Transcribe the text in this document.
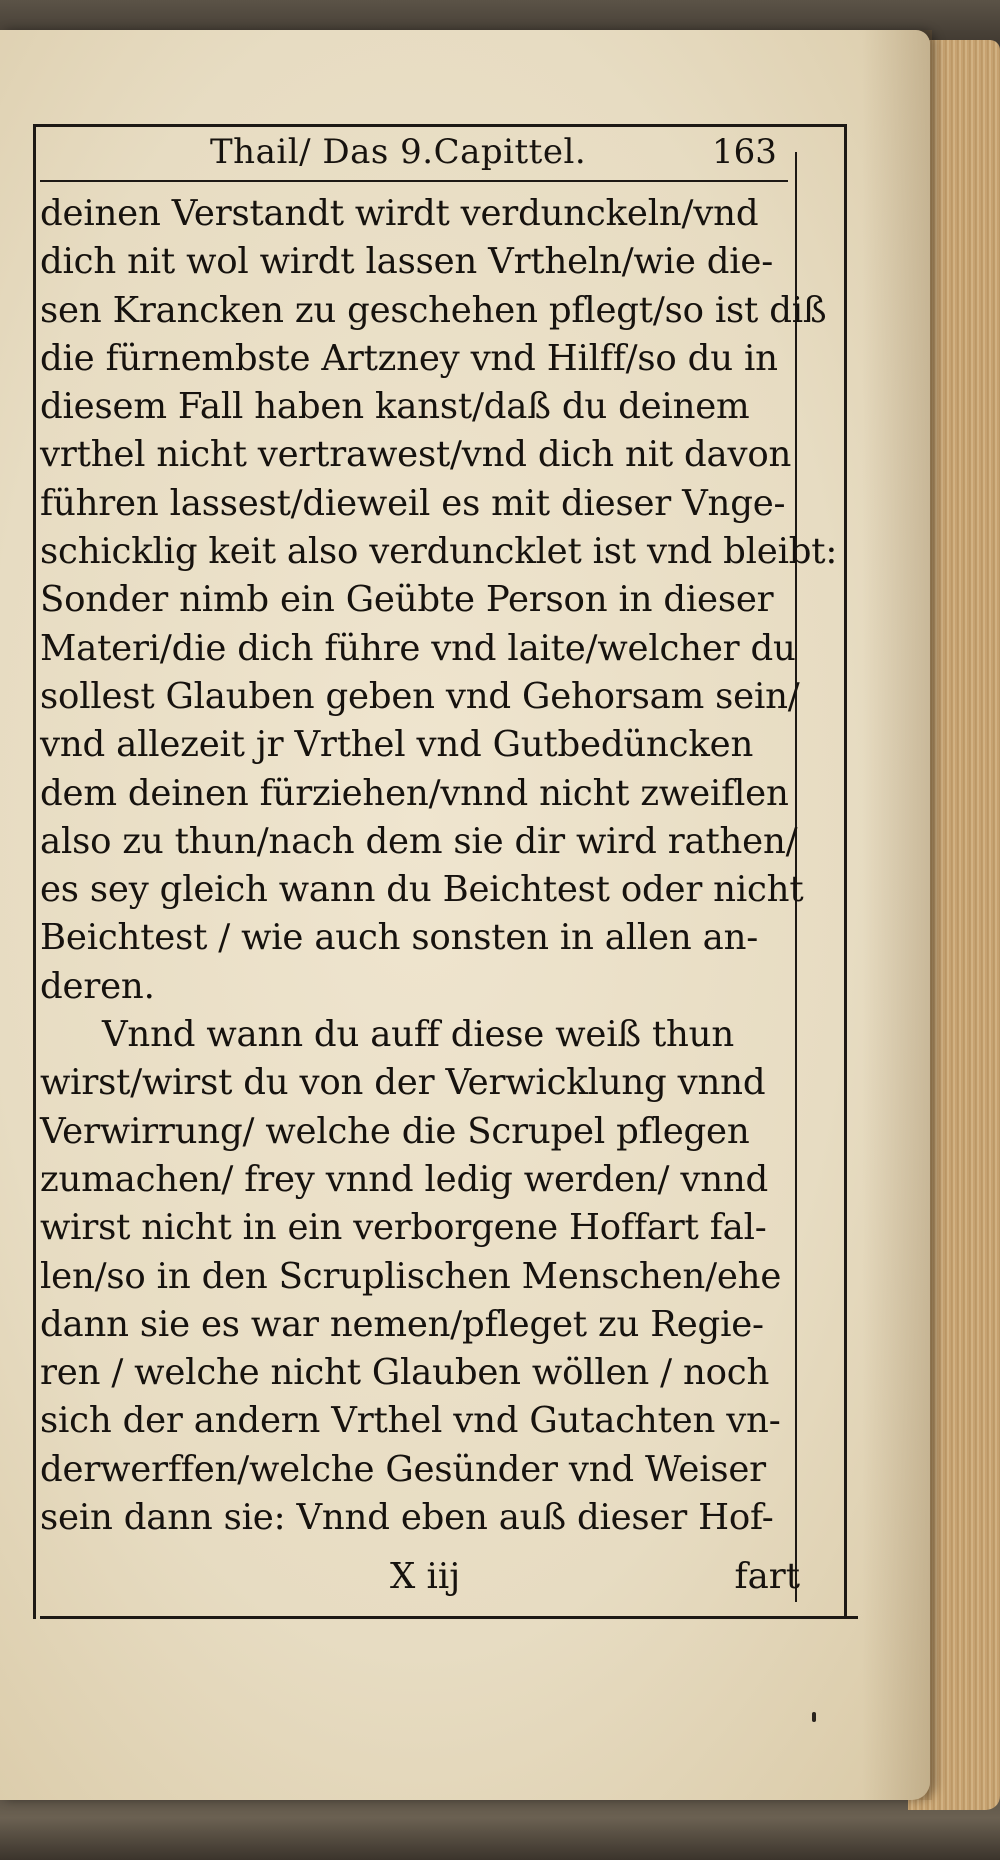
Thail/ Das 9.Capittel.	163
deinen Verstandt wirdt verdunckeln/vnd
dich nit wol wirdt lassen Vrtheln/wie die-
sen Krancken zu geschehen pflegt/so ist diß
die fürnembste Artzney vnd Hilff/so du in
diesem Fall haben kanst/daß du deinem
vrthel nicht vertrawest/vnd dich nit davon
führen lassest/dieweil es mit dieser Vnge-
schicklig keit also verduncklet ist vnd bleibt:
Sonder nimb ein Geübte Person in dieser
Materi/die dich führe vnd laite/welcher du
sollest Glauben geben vnd Gehorsam sein/
vnd allezeit jr Vrthel vnd Gutbedüncken
dem deinen fürziehen/vnnd nicht zweiflen
also zu thun/nach dem sie dir wird rathen/
es sey gleich wann du Beichtest oder nicht
Beichtest / wie auch sonsten in allen an-
deren.
Vnnd wann du auff diese weiß thun
wirst/wirst du von der Verwicklung vnnd
Verwirrung/ welche die Scrupel pflegen
zumachen/ frey vnnd ledig werden/ vnnd
wirst nicht in ein verborgene Hoffart fal-
len/so in den Scruplischen Menschen/ehe
dann sie es war nemen/pfleget zu Regie-
ren / welche nicht Glauben wöllen / noch
sich der andern Vrthel vnd Gutachten vn-
derwerffen/welche Gesünder vnd Weiser
sein dann sie: Vnnd eben auß dieser Hof-
X iij	fart
